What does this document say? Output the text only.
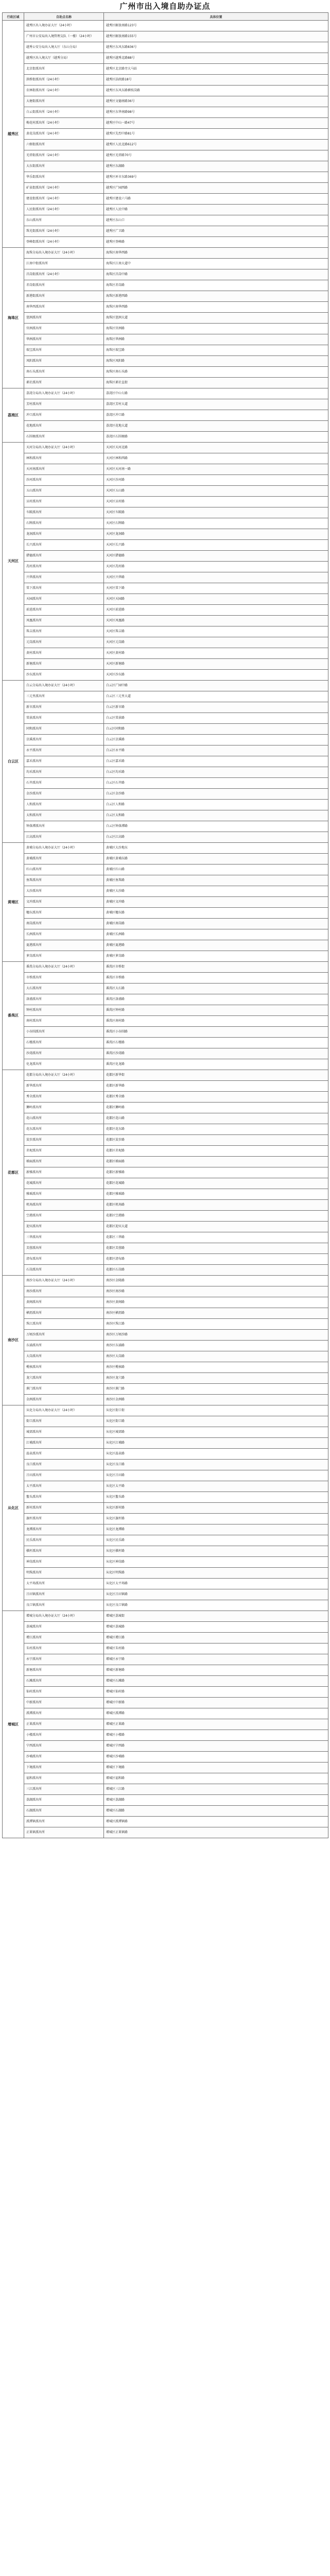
广州市出入境自助办证点
行政区域	自助点名称	具体位置
越秀区	越秀区出入境办证大厅（24小时）	越秀区解放南路123号
	广州市公安局出入境管理支队（一楼）（24小时）	越秀区解放南路155号
	越秀公安分局出入境大厅（东山分局）	越秀区东风东路836号
	越秀区出入境大厅（越秀分局）	越秀区越秀北路88号
	北京街派出所	越秀区北京路旁大马站
	洪桥街派出所（24小时）	越秀区法政路18号
	农林街派出所（24小时）	越秀区东风东路横枝岗路
	大塘街派出所	越秀区文德南路36号
	白云街派出所（24小时）	越秀区东华南路98号
	梅花村派出所（24小时）	越秀区中山一路47号
	黄花岗派出所（24小时）	越秀区先烈中路81号
	六榕街派出所	越秀区人民北路612号
	光塔街派出所（24小时）	越秀区光塔路70号
	大东街派出所	越秀区东湖路
	华乐街派出所	越秀区环市东路369号
	矿泉街派出所（24小时）	越秀区广园西路
	建设街派出所（24小时）	越秀区建设六马路
	人民街派出所（24小时）	越秀区人民中路
	东山派出所	越秀区东山口
	珠光街派出所（24小时）	越秀区广卫路
	登峰街派出所（24小时）	越秀区登峰路
海珠区	海珠分局出入境办证大厅（24小时）	海珠区南华西路
	江南中街派出所	海珠区江南大道中
	昌岗街派出所（24小时）	海珠区昌岗中路
	赤岗街派出所	海珠区赤岗路
	新港街派出所	海珠区新港西路
	南华西派出所	海珠区南华西路
	琶洲派出所	海珠区琶洲大道
	官洲派出所	海珠区官洲路
	华洲派出所	海珠区华洲路
	瑞宝派出所	海珠区瑞宝路
	凤阳派出所	海珠区凤阳路
	南石头派出所	海珠区南石头路
	素社派出所	海珠区素社直街
荔湾区	荔湾分局出入境办证大厅（24小时）	荔湾区中山七路
	芳村派出所	荔湾区芳村大道
	冲口派出所	荔湾区冲口路
	花地派出所	荔湾区花地大道
	石围塘派出所	荔湾区石围塘路
天河区	天河分局出入境办证大厅（24小时）	天河区天河北路
	林和派出所	天河区林和西路
	天河南派出所	天河区天河南一路
	沙河派出所	天河区沙河路
	五山派出所	天河区五山路
	员村派出所	天河区员村路
	车陂派出所	天河区车陂路
	石牌派出所	天河区石牌路
	龙洞派出所	天河区龙洞路
	长兴派出所	天河区长兴路
	猎德派出所	天河区猎德路
	冼村派出所	天河区冼村路
	兴华派出所	天河区兴华路
	棠下派出所	天河区棠下路
	天园派出所	天河区天园路
	前进派出所	天河区前进路
	凤凰派出所	天河区凤凰路
	珠吉派出所	天河区珠吉路
	元岗派出所	天河区元岗路
	黄村派出所	天河区黄村路
	新塘派出所	天河区新塘路
	沙东派出所	天河区沙东路
白云区	白云分局出入境办证大厅（24小时）	白云区广园中路
	三元里派出所	白云区三元里大道
	新市派出所	白云区新市路
	棠景派出所	白云区棠景路
	同和派出所	白云区同和路
	京溪派出所	白云区京溪路
	永平派出所	白云区永平路
	嘉禾派出所	白云区嘉禾路
	均禾派出所	白云区均禾路
	石井派出所	白云区石井路
	金沙派出所	白云区金沙路
	人和派出所	白云区人和路
	太和派出所	白云区太和路
	钟落潭派出所	白云区钟落潭路
	江高派出所	白云区江高路
黄埔区	黄埔分局出入境办证大厅（24小时）	黄埔区大沙地东
	黄埔派出所	黄埔区黄埔东路
	红山派出所	黄埔区红山路
	鱼珠派出所	黄埔区鱼珠路
	大沙派出所	黄埔区大沙路
	文冲派出所	黄埔区文冲路
	穗东派出所	黄埔区穗东路
	南岗派出所	黄埔区南岗路
	长洲派出所	黄埔区长洲路
	夏港派出所	黄埔区夏港路
	萝岗派出所	黄埔区萝岗路
番禺区	番禺分局出入境办证大厅（24小时）	番禺区市桥街
	市桥派出所	番禺区市桥路
	大石派出所	番禺区大石路
	洛浦派出所	番禺区洛浦路
	钟村派出所	番禺区钟村路
	南村派出所	番禺区南村路
	小谷围派出所	番禺区小谷围路
	石楼派出所	番禺区石楼路
	沙湾派出所	番禺区沙湾路
	化龙派出所	番禺区化龙路
花都区	花都分局出入境办证大厅（24小时）	花都区新华街
	新华派出所	花都区新华路
	秀全派出所	花都区秀全路
	狮岭派出所	花都区狮岭路
	花山派出所	花都区花山路
	花东派出所	花都区花东路
	炭步派出所	花都区炭步路
	赤坭派出所	花都区赤坭路
	梯面派出所	花都区梯面路
	新雅派出所	花都区新雅路
	花城派出所	花都区花城路
	雅瑶派出所	花都区雅瑶路
	机场派出所	花都区机场路
	空港派出所	花都区空港路
	迎宾派出所	花都区迎宾大道
	三华派出所	花都区三华路
	芙蓉派出所	花都区芙蓉路
	清布派出所	花都区清布路
	石岗派出所	花都区石岗路
南沙区	南沙分局出入境办证大厅（24小时）	南沙区金隆路
	南沙派出所	南沙区南沙路
	黄阁派出所	南沙区黄阁路
	横沥派出所	南沙区横沥路
	珠江派出所	南沙区珠江路
	万顷沙派出所	南沙区万顷沙路
	东涌派出所	南沙区东涌路
	大岗派出所	南沙区大岗路
	榄核派出所	南沙区榄核路
	龙穴派出所	南沙区龙穴路
	蕉门派出所	南沙区蕉门路
	金洲派出所	南沙区金洲路
从化区	从化分局出入境办证大厅（24小时）	从化区街口街
	街口派出所	从化区街口路
	城郊派出所	从化区城郊路
	江埔派出所	从化区江埔路
	温泉派出所	从化区温泉路
	良口派出所	从化区良口路
	吕田派出所	从化区吕田路
	太平派出所	从化区太平路
	鳌头派出所	从化区鳌头路
	新村派出所	从化区新村路
	旗杆派出所	从化区旗杆路
	龙潭派出所	从化区龙潭路
	民乐派出所	从化区民乐路
	棋杆派出所	从化区棋杆路
	神岗派出所	从化区神岗路
	明珠派出所	从化区明珠路
	太平场派出所	从化区太平场路
	吕田镇派出所	从化区吕田镇路
	良口镇派出所	从化区良口镇路
增城区	增城分局出入境办证大厅（24小时）	增城区荔城街
	荔城派出所	增城区荔城路
	增江派出所	增城区增江路
	朱村派出所	增城区朱村路
	永宁派出所	增城区永宁路
	新塘派出所	增城区新塘路
	石滩派出所	增城区石滩路
	仙村派出所	增城区仙村路
	中新派出所	增城区中新路
	派潭派出所	增城区派潭路
	正果派出所	增城区正果路
	小楼派出所	增城区小楼路
	宁西派出所	增城区宁西路
	沙埔派出所	增城区沙埔路
	下境派出所	增城区下境路
	福和派出所	增城区福和路
	三江派出所	增城区三江路
	荔湖派出所	增城区荔湖路
	石湖派出所	增城区石湖路
	派潭镇派出所	增城区派潭镇路
	正果镇派出所	增城区正果镇路
